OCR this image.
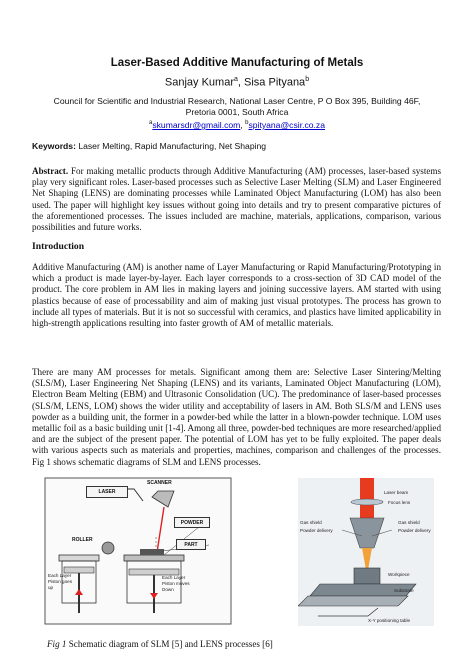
Laser-Based Additive Manufacturing of Metals
Sanjay Kumar$^a$, Sisa Pityana$^b$
Council for Scientific and Industrial Research, National Laser Centre, P O Box 395, Building 46F,
Pretoria 0001, South Africa
$^a$skumarsdr@gmail.com, $^b$spityana@csir.co.za
Keywords: Laser Melting, Rapid Manufacturing, Net Shaping
Abstract. For making metallic products through Additive Manufacturing (AM) processes, laser-based systems play very significant roles. Laser-based processes such as Selective Laser Melting (SLM) and Laser Engineered Net Shaping (LENS) are dominating processes while Laminated Object Manufacturing (LOM) has also been used. The paper will highlight key issues without going into details and try to present comparative pictures of the aforementioned processes. The issues included are machine, materials, applications, comparison, various possibilities and future works.
Introduction
Additive Manufacturing (AM) is another name of Layer Manufacturing or Rapid Manufacturing/Prototyping in which a product is made layer-by-layer. Each layer corresponds to a cross-section of 3D CAD model of the product. The core problem in AM lies in making layers and joining successive layers. AM started with using plastics because of ease of processability and aim of making just visual prototypes. The process has grown to include all types of materials. But it is not so successful with ceramics, and plastics have limited applicability in high-strength applications resulting into faster growth of AM of metallic materials.
There are many AM processes for metals. Significant among them are: Selective Laser Sintering/Melting (SLS/M), Laser Engineering Net Shaping (LENS) and its variants, Laminated Object Manufacturing (LOM), Electron Beam Melting (EBM) and Ultrasonic Consolidation (UC). The predominance of laser-based processes (SLS/M, LENS, LOM) shows the wider utility and acceptability of lasers in AM. Both SLS/M and LENS uses powder as a building unit, the former in a powder-bed while the latter in a blown-powder technique. LOM uses metallic foil as a basic building unit [1-4]. Among all three, powder-bed techniques are more researched/applied and are the subject of the present paper. The potential of LOM has yet to be fully exploited. The paper deals with various aspects such as materials and properties, machines, comparison and challenges of the processes. Fig 1 shows schematic diagrams of SLM and LENS processes.
LASER
SCANNER
POWDER
PART
ROLLER
Each Layer
Piston goes
up
Each Layer
Piston moves
Down
Laser beam
Focus lens
Gas shield
Powder delivery
Gas shield
Powder delivery
Workpiece
Substrate
X-Y positioning table
Fig 1 Schematic diagram of SLM [5] and LENS processes [6]
